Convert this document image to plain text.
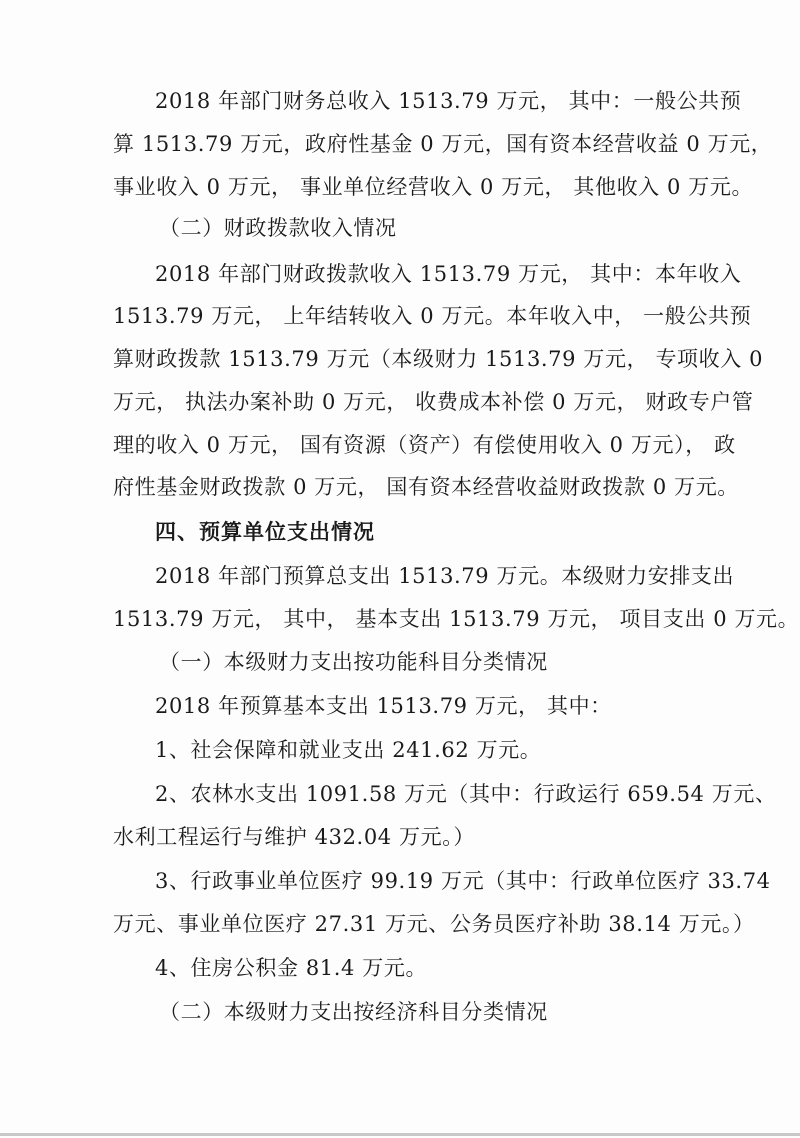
2018 年部门财务总收入 1513.79 万元， 其中：一般公共预
算 1513.79 万元，政府性基金 0 万元，国有资本经营收益 0 万元，
事业收入 0 万元， 事业单位经营收入 0 万元， 其他收入 0 万元。
（二）财政拨款收入情况
2018 年部门财政拨款收入 1513.79 万元， 其中：本年收入
1513.79 万元， 上年结转收入 0 万元。本年收入中， 一般公共预
算财政拨款 1513.79 万元（本级财力 1513.79 万元， 专项收入 0
万元， 执法办案补助 0 万元， 收费成本补偿 0 万元， 财政专户管
理的收入 0 万元， 国有资源（资产）有偿使用收入 0 万元）， 政
府性基金财政拨款 0 万元， 国有资本经营收益财政拨款 0 万元。
四、预算单位支出情况
2018 年部门预算总支出 1513.79 万元。本级财力安排支出
1513.79 万元， 其中， 基本支出 1513.79 万元， 项目支出 0 万元。
（一）本级财力支出按功能科目分类情况
2018 年预算基本支出 1513.79 万元， 其中：
1、社会保障和就业支出 241.62 万元。
2、农林水支出 1091.58 万元（其中：行政运行 659.54 万元、
水利工程运行与维护 432.04 万元。）
3、行政事业单位医疗 99.19 万元（其中：行政单位医疗 33.74
万元、事业单位医疗 27.31 万元、公务员医疗补助 38.14 万元。）
4、住房公积金 81.4 万元。
（二）本级财力支出按经济科目分类情况
